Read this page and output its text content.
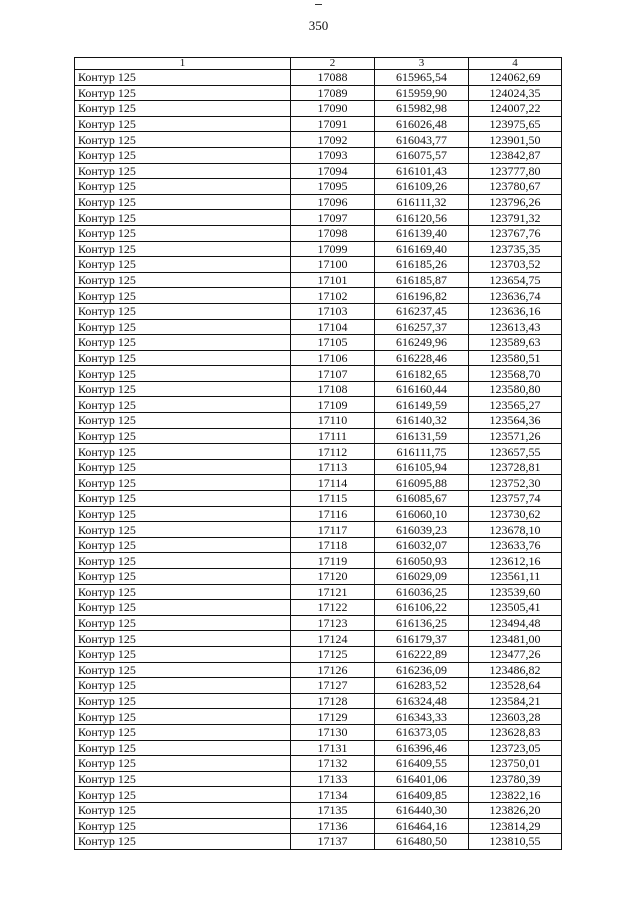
350
1	2	3	4
Контур 125	17088	615965,54	124062,69
Контур 125	17089	615959,90	124024,35
Контур 125	17090	615982,98	124007,22
Контур 125	17091	616026,48	123975,65
Контур 125	17092	616043,77	123901,50
Контур 125	17093	616075,57	123842,87
Контур 125	17094	616101,43	123777,80
Контур 125	17095	616109,26	123780,67
Контур 125	17096	616111,32	123796,26
Контур 125	17097	616120,56	123791,32
Контур 125	17098	616139,40	123767,76
Контур 125	17099	616169,40	123735,35
Контур 125	17100	616185,26	123703,52
Контур 125	17101	616185,87	123654,75
Контур 125	17102	616196,82	123636,74
Контур 125	17103	616237,45	123636,16
Контур 125	17104	616257,37	123613,43
Контур 125	17105	616249,96	123589,63
Контур 125	17106	616228,46	123580,51
Контур 125	17107	616182,65	123568,70
Контур 125	17108	616160,44	123580,80
Контур 125	17109	616149,59	123565,27
Контур 125	17110	616140,32	123564,36
Контур 125	17111	616131,59	123571,26
Контур 125	17112	616111,75	123657,55
Контур 125	17113	616105,94	123728,81
Контур 125	17114	616095,88	123752,30
Контур 125	17115	616085,67	123757,74
Контур 125	17116	616060,10	123730,62
Контур 125	17117	616039,23	123678,10
Контур 125	17118	616032,07	123633,76
Контур 125	17119	616050,93	123612,16
Контур 125	17120	616029,09	123561,11
Контур 125	17121	616036,25	123539,60
Контур 125	17122	616106,22	123505,41
Контур 125	17123	616136,25	123494,48
Контур 125	17124	616179,37	123481,00
Контур 125	17125	616222,89	123477,26
Контур 125	17126	616236,09	123486,82
Контур 125	17127	616283,52	123528,64
Контур 125	17128	616324,48	123584,21
Контур 125	17129	616343,33	123603,28
Контур 125	17130	616373,05	123628,83
Контур 125	17131	616396,46	123723,05
Контур 125	17132	616409,55	123750,01
Контур 125	17133	616401,06	123780,39
Контур 125	17134	616409,85	123822,16
Контур 125	17135	616440,30	123826,20
Контур 125	17136	616464,16	123814,29
Контур 125	17137	616480,50	123810,55
